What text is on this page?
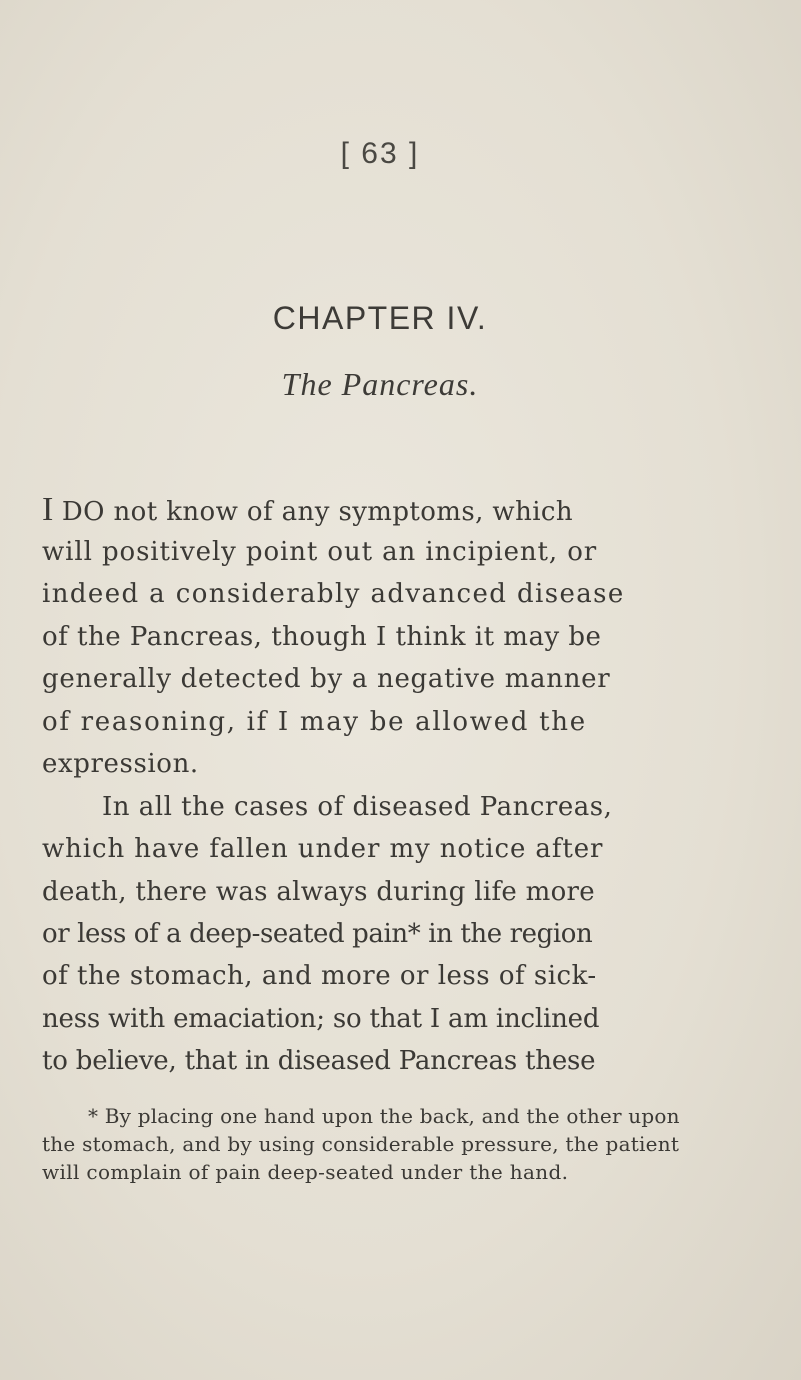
[ 63 ]
CHAPTER IV.
The Pancreas.
I DO not know of any symptoms, which
will positively point out an incipient, or
indeed a considerably advanced disease
of the Pancreas, though I think it may be
generally detected by a negative manner
of reasoning, if I may be allowed the
expression.
In all the cases of diseased Pancreas,
which have fallen under my notice after
death, there was always during life more
or less of a deep-seated pain* in the region
of the stomach, and more or less of sick-
ness with emaciation; so that I am inclined
to believe, that in diseased Pancreas these
* By placing one hand upon the back, and the other upon
the stomach, and by using considerable pressure, the patient
will complain of pain deep-seated under the hand.
